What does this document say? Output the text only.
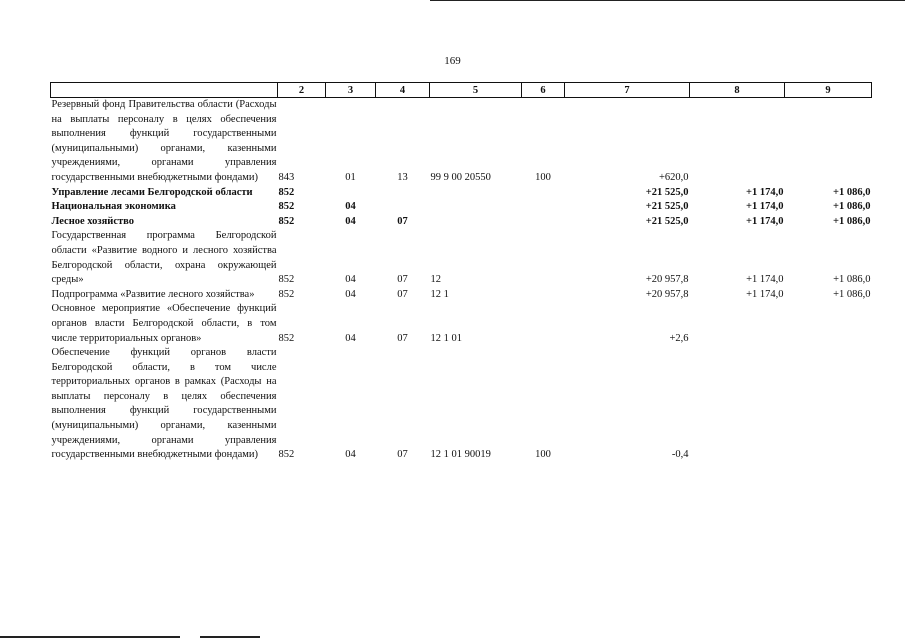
169
	2	3	4	5	6	7	8	9
Резервный фонд Правительства области (Расходы на выплаты персоналу в целях обеспечения выполнения функций государственными (муниципальными) органами, казенными учреждениями, органами управления государственными внебюджетными фондами)	843	01	13	99 9 00 20550	100	+620,0		
Управление лесами Белгородской области	852					+21 525,0	+1 174,0	+1 086,0
Национальная экономика	852	04				+21 525,0	+1 174,0	+1 086,0
Лесное хозяйство	852	04	07			+21 525,0	+1 174,0	+1 086,0
Государственная программа Белгородской области «Развитие водного и лесного хозяйства Белгородской области, охрана окружающей среды»	852	04	07	12		+20 957,8	+1 174,0	+1 086,0
Подпрограмма «Развитие лесного хозяйства»	852	04	07	12 1		+20 957,8	+1 174,0	+1 086,0
Основное мероприятие «Обеспечение функций органов власти Белгородской области, в том числе территориальных органов»	852	04	07	12 1 01		+2,6		
Обеспечение функций органов власти Белгородской области, в том числе территориальных органов в рамках (Расходы на выплаты персоналу в целях обеспечения выполнения функций государственными (муниципальными) органами, казенными учреждениями, органами управления государственными внебюджетными фондами)	852	04	07	12 1 01 90019	100	-0,4		
